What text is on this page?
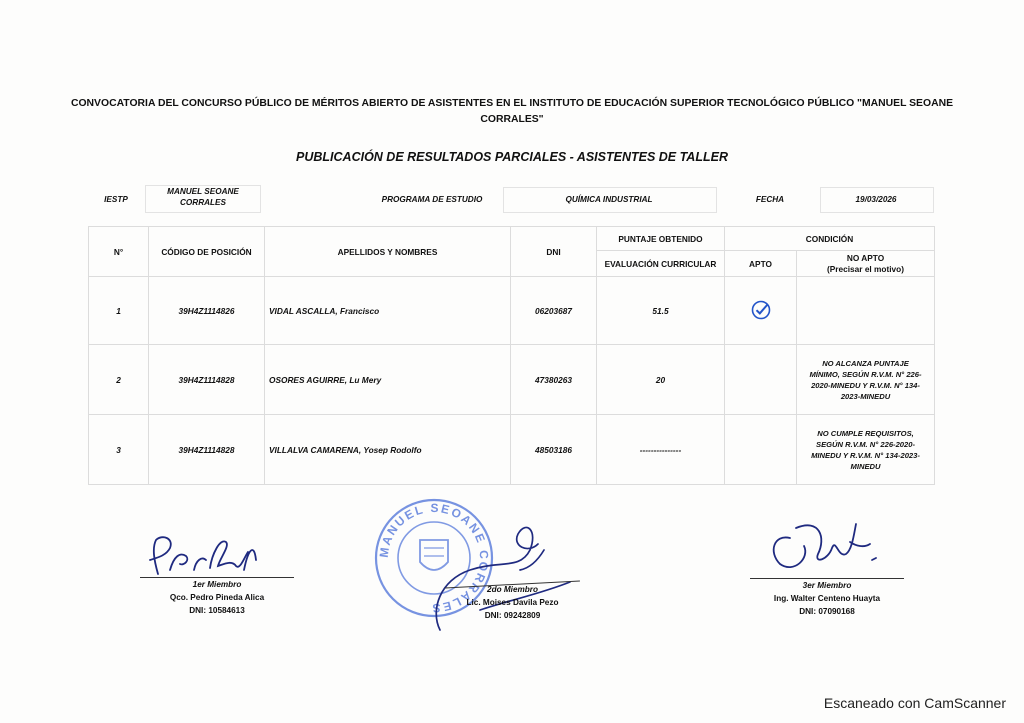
CONVOCATORIA DEL CONCURSO PÚBLICO DE MÉRITOS ABIERTO DE ASISTENTES EN EL INSTITUTO DE EDUCACIÓN SUPERIOR TECNOLÓGICO PÚBLICO "MANUEL SEOANE CORRALES"
PUBLICACIÓN DE RESULTADOS PARCIALES - ASISTENTES DE TALLER
IESTP
MANUEL SEOANE CORRALES	PROGRAMA DE ESTUDIO	QUÍMICA INDUSTRIAL	FECHA	19/03/2026
N°	CÓDIGO DE POSICIÓN	APELLIDOS Y NOMBRES	DNI	PUNTAJE OBTENIDO	CONDICIÓN	
				EVALUACIÓN CURRICULAR	APTO	NO APTO
(Precisar el motivo)

1	39H4Z1114826	VIDAL ASCALLA, Francisco	06203687	51.5		
2	39H4Z1114828	OSORES AGUIRRE, Lu Mery	47380263	20		NO ALCANZA PUNTAJE MÍNIMO, SEGÚN R.V.M. N° 226-2020-MINEDU Y R.V.M. N° 134-2023-MINEDU
3	39H4Z1114828	VILLALVA CAMARENA, Yosep Rodolfo	48503186	---------------		NO CUMPLE REQUISITOS, SEGÚN R.V.M. N° 226-2020-MINEDU Y R.V.M. N° 134-2023-MINEDU
MANUEL SEOANE CORRALES
1er Miembro
Qco. Pedro Pineda Alica
DNI: 10584613
2do Miembro
Lic. Moises Davila Pezo
DNI: 09242809
3er Miembro
Ing. Walter Centeno Huayta
DNI: 07090168
Escaneado con CamScanner
